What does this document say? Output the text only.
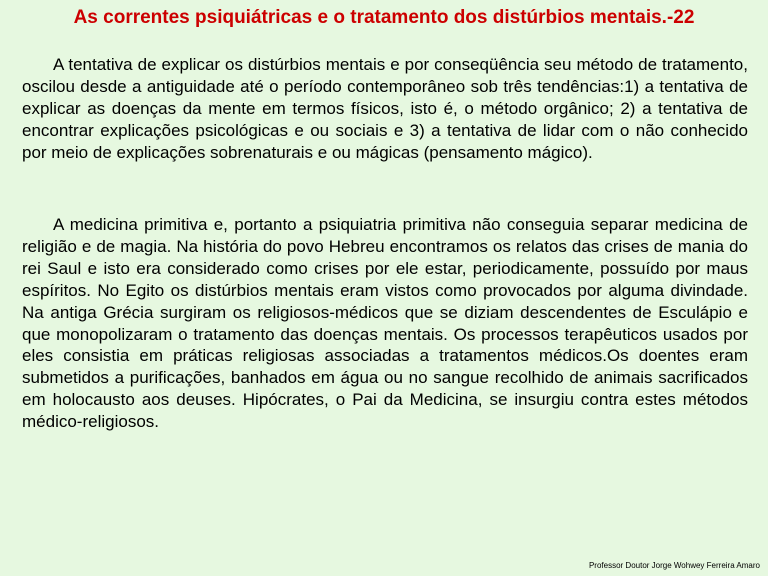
As correntes psiquiátricas e o tratamento dos distúrbios mentais.-22

A tentativa de explicar os distúrbios mentais e por conseqüência seu método de tratamento, oscilou desde a antiguidade até o período contemporâneo sob três tendências:1) a tentativa de explicar as doenças da mente em termos físicos, isto é, o método orgânico; 2) a tentativa de encontrar explicações psicológicas e ou sociais e 3) a tentativa de lidar com o não conhecido por meio de explicações sobrenaturais e ou mágicas (pensamento mágico).

A medicina primitiva e, portanto a psiquiatria primitiva não conseguia separar medicina de religião e de magia. Na história do povo Hebreu encontramos os relatos das crises de mania do rei Saul e isto era considerado como crises por ele estar, periodicamente, possuído por maus espíritos. No Egito os distúrbios mentais eram vistos como provocados por alguma divindade. Na antiga Grécia surgiram os religiosos-médicos que se diziam descendentes de Esculápio e que monopolizaram o tratamento das doenças mentais. Os processos terapêuticos usados por eles consistia em práticas religiosas associadas a tratamentos médicos.Os doentes eram submetidos a purificações, banhados em água ou no sangue recolhido de animais sacrificados em holocausto aos deuses. Hipócrates, o Pai da Medicina, se insurgiu contra estes métodos médico-religiosos.

Professor Doutor Jorge Wohwey Ferreira Amaro
